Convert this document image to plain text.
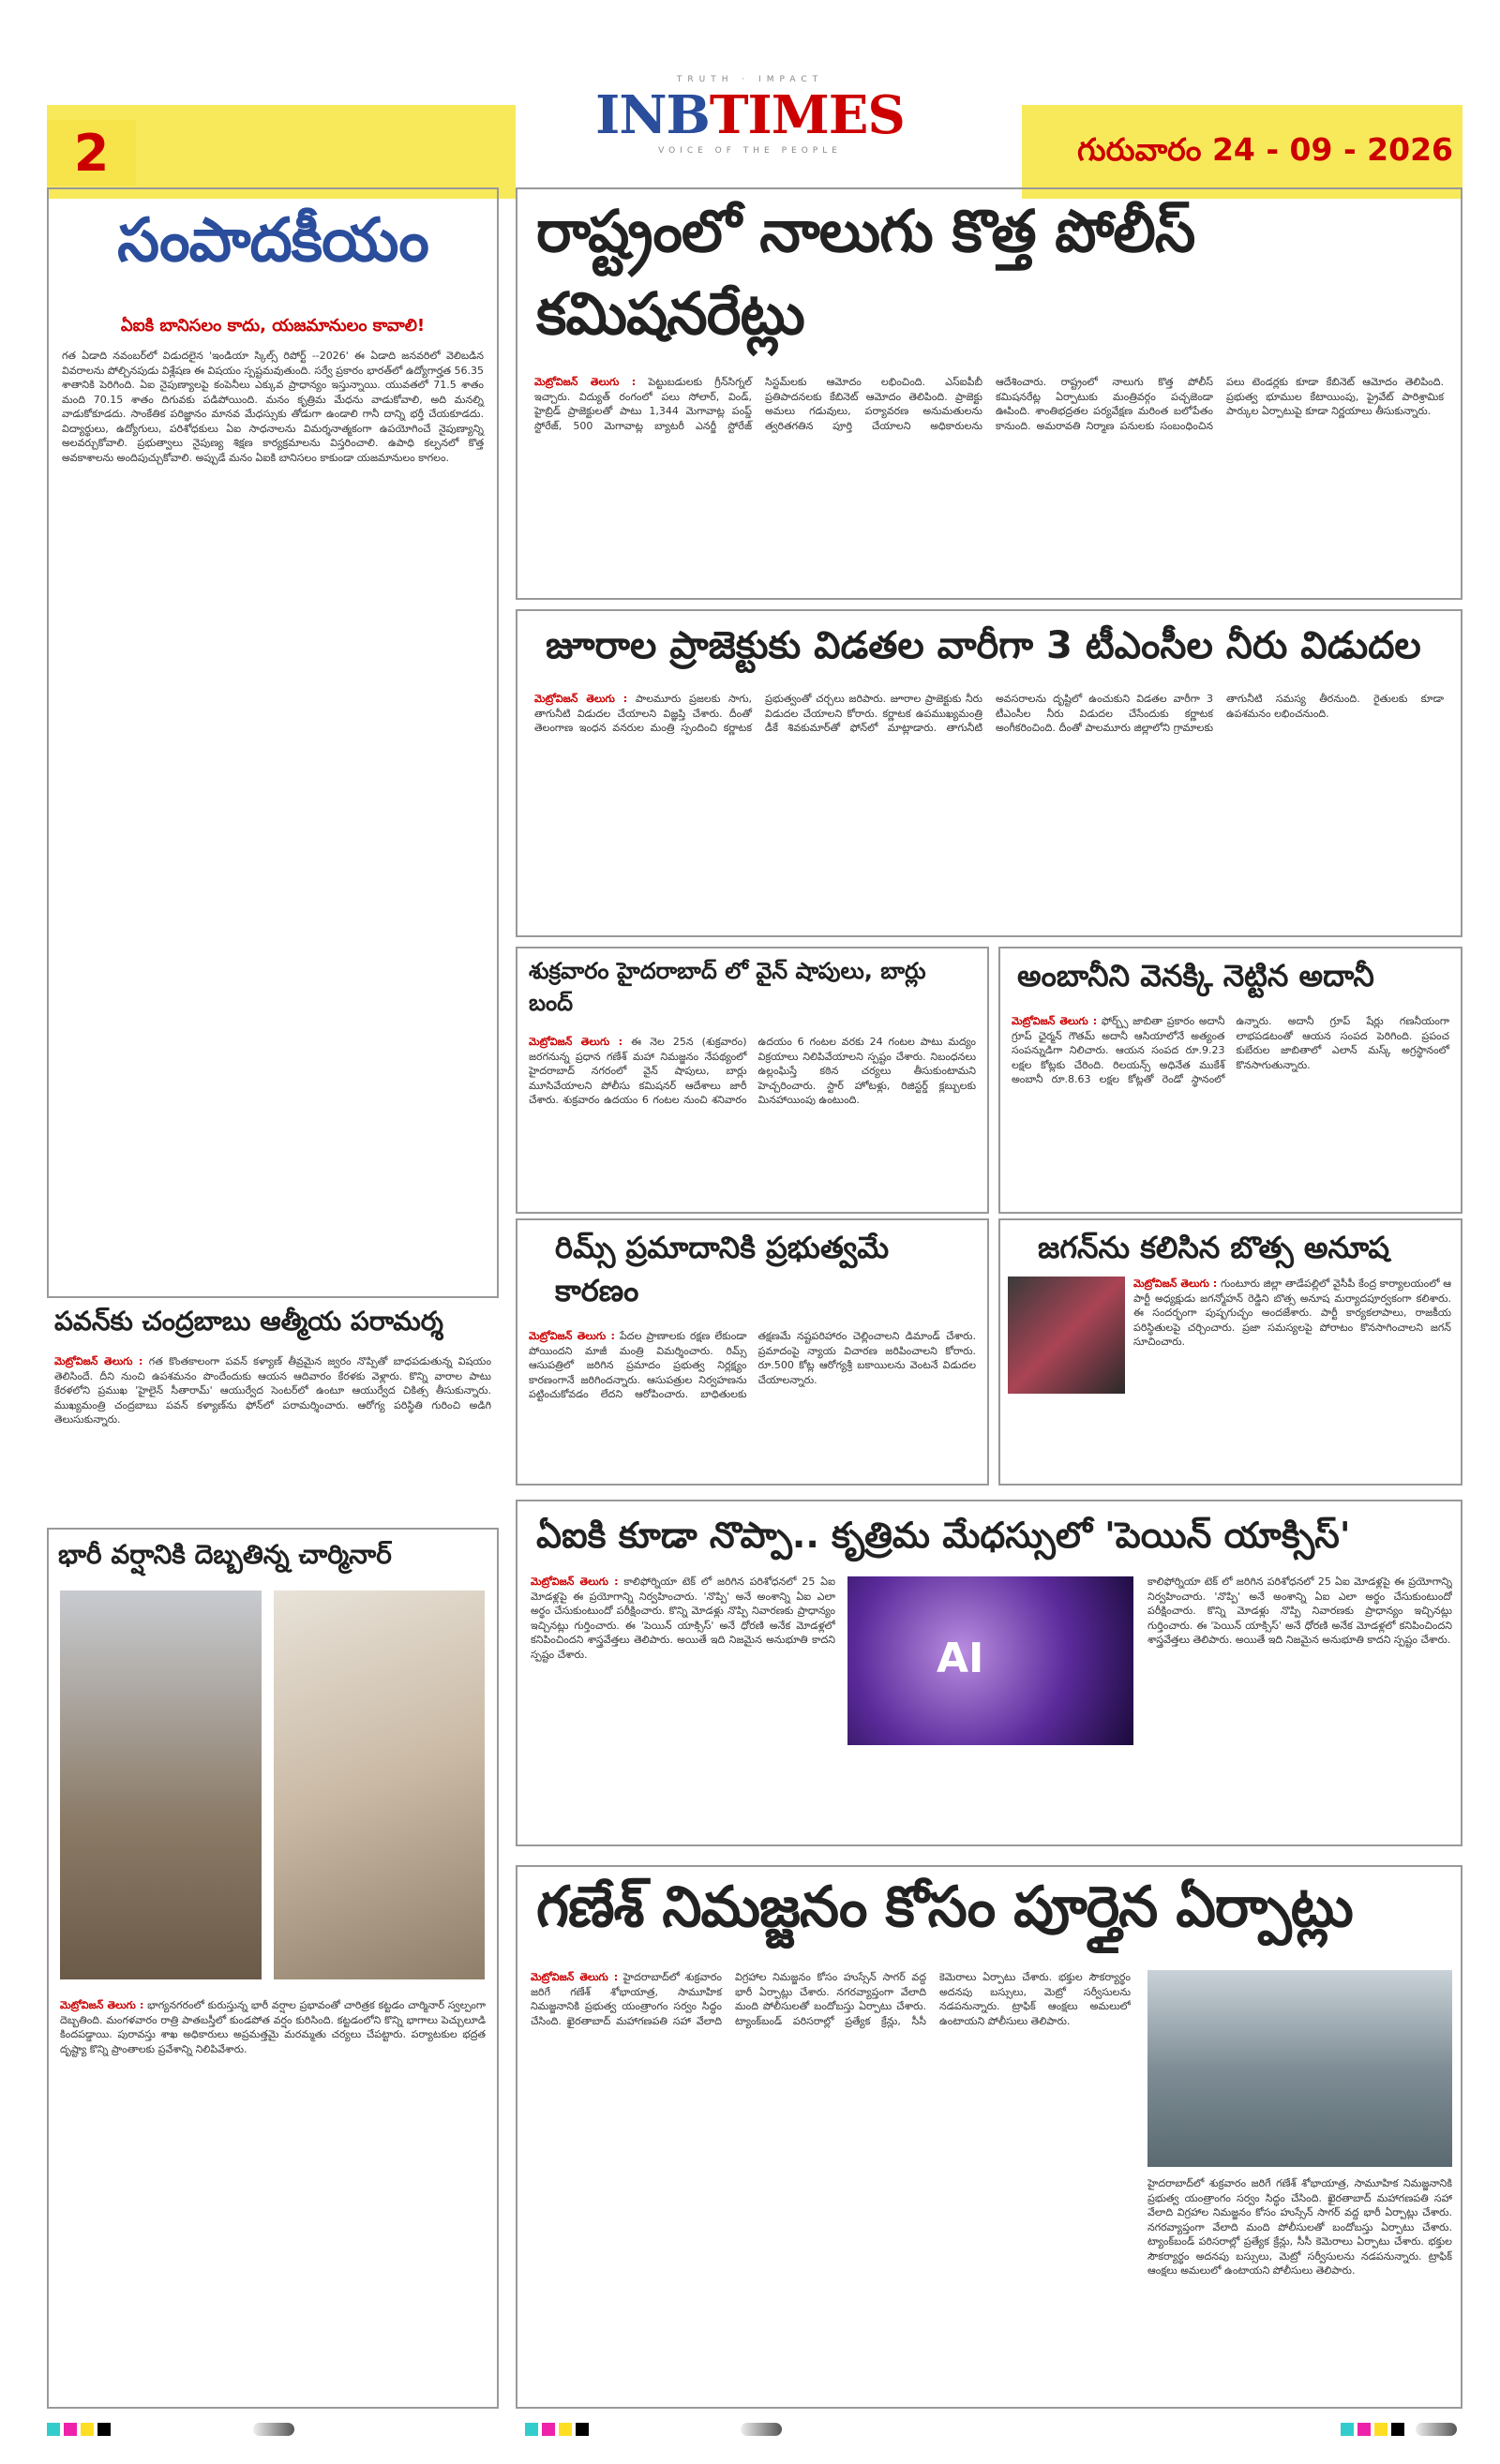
2
TRUTH · IMPACT
INBTIMES
VOICE OF THE PEOPLE	గురువారం 24 - 09 - 2026
సంపాదకీయం
ఏఐకి బానిసలం కాదు, యజమానులం కావాలి!
గత ఏడాది నవంబర్‌లో విడుదలైన 'ఇండియా స్కిల్స్ రిపోర్ట్ --2026' ఈ ఏడాది జనవరిలో వెలిబడిన వివరాలను పోల్చినపుడు విశ్లేషణ ఈ విషయం స్పష్టమవుతుంది. సర్వే ప్రకారం భారత్‌లో ఉద్యోగార్హత 56.35 శాతానికి పెరిగింది. ఏఐ నైపుణ్యాలపై కంపెనీలు ఎక్కువ ప్రాధాన్యం ఇస్తున్నాయి. యువతలో 71.5 శాతం మంది 70.15 శాతం దిగువకు పడిపోయింది. మనం కృత్రిమ మేధను వాడుకోవాలి, అది మనల్ని వాడుకోకూడదు. సాంకేతిక పరిజ్ఞానం మానవ మేధస్సుకు తోడుగా ఉండాలి గానీ దాన్ని భర్తీ చేయకూడదు. విద్యార్థులు, ఉద్యోగులు, పరిశోధకులు ఏఐ సాధనాలను విమర్శనాత్మకంగా ఉపయోగించే నైపుణ్యాన్ని అలవర్చుకోవాలి. ప్రభుత్వాలు నైపుణ్య శిక్షణ కార్యక్రమాలను విస్తరించాలి. ఉపాధి కల్పనలో కొత్త అవకాశాలను అందిపుచ్చుకోవాలి. అప్పుడే మనం ఏఐకి బానిసలం కాకుండా యజమానులం కాగలం.
రాష్ట్రంలో నాలుగు కొత్త పోలీస్ కమిషనరేట్లు
మెట్రోవిజన్ తెలుగు : పెట్టుబడులకు గ్రీన్‌సిగ్నల్ ఇచ్చారు. విద్యుత్ రంగంలో పలు సోలార్, విండ్, హైబ్రిడ్ ప్రాజెక్టులతో పాటు 1,344 మెగావాట్ల పంప్డ్ స్టోరేజ్, 500 మెగావాట్ల బ్యాటరీ ఎనర్జీ స్టోరేజ్ సిస్టమ్‌లకు ఆమోదం లభించింది. ఎస్ఐపీబీ ప్రతిపాదనలకు కేబినెట్ ఆమోదం తెలిపింది. ప్రాజెక్టు అమలు గడువులు, పర్యావరణ అనుమతులను త్వరితగతిన పూర్తి చేయాలని అధికారులను ఆదేశించారు. రాష్ట్రంలో నాలుగు కొత్త పోలీస్ కమిషనరేట్ల ఏర్పాటుకు మంత్రివర్గం పచ్చజెండా ఊపింది. శాంతిభద్రతల పర్యవేక్షణ మరింత బలోపేతం కానుంది. అమరావతి నిర్మాణ పనులకు సంబంధించిన పలు టెండర్లకు కూడా కేబినెట్ ఆమోదం తెలిపింది. ప్రభుత్వ భూముల కేటాయింపు, ప్రైవేట్ పారిశ్రామిక పార్కుల ఏర్పాటుపై కూడా నిర్ణయాలు తీసుకున్నారు.
జూరాల ప్రాజెక్టుకు విడతల వారీగా 3 టీఎంసీల నీరు విడుదల
మెట్రోవిజన్ తెలుగు : పాలమూరు ప్రజలకు సాగు, తాగునీటి విడుదల చేయాలని విజ్ఞప్తి చేశారు. దీంతో తెలంగాణ ఇంధన వనరుల మంత్రి స్పందించి కర్ణాటక ప్రభుత్వంతో చర్చలు జరిపారు. జూరాల ప్రాజెక్టుకు నీరు విడుదల చేయాలని కోరారు. కర్ణాటక ఉపముఖ్యమంత్రి డీకే శివకుమార్‌తో ఫోన్‌లో మాట్లాడారు. తాగునీటి అవసరాలను దృష్టిలో ఉంచుకుని విడతల వారీగా 3 టీఎంసీల నీరు విడుదల చేసేందుకు కర్ణాటక అంగీకరించింది. దీంతో పాలమూరు జిల్లాలోని గ్రామాలకు తాగునీటి సమస్య తీరనుంది. రైతులకు కూడా ఉపశమనం లభించనుంది.
శుక్రవారం హైదరాబాద్ లో వైన్ షాపులు, బార్లు బంద్
మెట్రోవిజన్ తెలుగు : ఈ నెల 25న (శుక్రవారం) జరగనున్న ప్రధాన గణేశ్ మహా నిమజ్జనం నేపథ్యంలో హైదరాబాద్ నగరంలో వైన్ షాపులు, బార్లు మూసివేయాలని పోలీసు కమిషనర్ ఆదేశాలు జారీ చేశారు. శుక్రవారం ఉదయం 6 గంటల నుంచి శనివారం ఉదయం 6 గంటల వరకు 24 గంటల పాటు మద్యం విక్రయాలు నిలిపివేయాలని స్పష్టం చేశారు. నిబంధనలు ఉల్లంఘిస్తే కఠిన చర్యలు తీసుకుంటామని హెచ్చరించారు. స్టార్ హోటళ్లు, రిజిస్టర్డ్ క్లబ్బులకు మినహాయింపు ఉంటుంది.
రిమ్స్ ప్రమాదానికి ప్రభుత్వమే కారణం
మెట్రోవిజన్ తెలుగు : పేదల ప్రాణాలకు రక్షణ లేకుండా పోయిందని మాజీ మంత్రి విమర్శించారు. రిమ్స్ ఆసుపత్రిలో జరిగిన ప్రమాదం ప్రభుత్వ నిర్లక్ష్యం కారణంగానే జరిగిందన్నారు. ఆసుపత్రుల నిర్వహణను పట్టించుకోవడం లేదని ఆరోపించారు. బాధితులకు తక్షణమే నష్టపరిహారం చెల్లించాలని డిమాండ్ చేశారు. ప్రమాదంపై న్యాయ విచారణ జరిపించాలని కోరారు. రూ.500 కోట్ల ఆరోగ్యశ్రీ బకాయిలను వెంటనే విడుదల చేయాలన్నారు.
అంబానీని వెనక్కి నెట్టిన అదానీ
మెట్రోవిజన్ తెలుగు : ఫోర్బ్స్ జాబితా ప్రకారం అదానీ గ్రూప్ ఛైర్మన్ గౌతమ్ అదానీ ఆసియాలోనే అత్యంత సంపన్నుడిగా నిలిచారు. ఆయన సంపద రూ.9.23 లక్షల కోట్లకు చేరింది. రిలయన్స్ అధినేత ముకేశ్ అంబానీ రూ.8.63 లక్షల కోట్లతో రెండో స్థానంలో ఉన్నారు. అదానీ గ్రూప్ షేర్లు గణనీయంగా లాభపడటంతో ఆయన సంపద పెరిగింది. ప్రపంచ కుబేరుల జాబితాలో ఎలాన్ మస్క్ అగ్రస్థానంలో కొనసాగుతున్నారు.
జగన్‌ను కలిసిన బొత్స అనూష
మెట్రోవిజన్ తెలుగు : గుంటూరు జిల్లా తాడేపల్లిలో వైసీపీ కేంద్ర కార్యాలయంలో ఆ పార్టీ అధ్యక్షుడు జగన్మోహన్ రెడ్డిని బొత్స అనూష మర్యాదపూర్వకంగా కలిశారు. ఈ సందర్భంగా పుష్పగుచ్ఛం అందజేశారు. పార్టీ కార్యకలాపాలు, రాజకీయ పరిస్థితులపై చర్చించారు. ప్రజా సమస్యలపై పోరాటం కొనసాగించాలని జగన్ సూచించారు.
పవన్‌కు చంద్రబాబు ఆత్మీయ పరామర్శ
మెట్రోవిజన్ తెలుగు : గత కొంతకాలంగా పవన్ కళ్యాణ్ తీవ్రమైన జ్వరం నొప్పితో బాధపడుతున్న విషయం తెలిసిందే. దీని నుంచి ఉపశమనం పొందేందుకు ఆయన ఆదివారం కేరళకు వెళ్లారు. కొన్ని వారాల పాటు కేరళలోని ప్రముఖ 'హైలైన్ సీతారామ్' ఆయుర్వేద సెంటర్‌లో ఉంటూ ఆయుర్వేద చికిత్స తీసుకున్నారు. ముఖ్యమంత్రి చంద్రబాబు పవన్ కళ్యాణ్‌ను ఫోన్‌లో పరామర్శించారు. ఆరోగ్య పరిస్థితి గురించి అడిగి తెలుసుకున్నారు.
భారీ వర్షానికి దెబ్బతిన్న చార్మినార్
మెట్రోవిజన్ తెలుగు : భాగ్యనగరంలో కురుస్తున్న భారీ వర్షాల ప్రభావంతో చారిత్రక కట్టడం చార్మినార్ స్వల్పంగా దెబ్బతింది. మంగళవారం రాత్రి పాతబస్తీలో కుండపోత వర్షం కురిసింది. కట్టడంలోని కొన్ని భాగాలు పెచ్చులూడి కిందపడ్డాయి. పురావస్తు శాఖ అధికారులు అప్రమత్తమై మరమ్మతు చర్యలు చేపట్టారు. పర్యాటకుల భద్రత దృష్ట్యా కొన్ని ప్రాంతాలకు ప్రవేశాన్ని నిలిపివేశారు.
ఏఐకి కూడా నొప్పా.. కృత్రిమ మేధస్సులో 'పెయిన్ యాక్సిస్'
మెట్రోవిజన్ తెలుగు : కాలిఫోర్నియా టెక్ లో జరిగిన పరిశోధనలో 25 ఏఐ మోడళ్లపై ఈ ప్రయోగాన్ని నిర్వహించారు. 'నొప్పి' అనే అంశాన్ని ఏఐ ఎలా అర్థం చేసుకుంటుందో పరీక్షించారు. కొన్ని మోడళ్లు నొప్పి నివారణకు ప్రాధాన్యం ఇచ్చినట్లు గుర్తించారు. ఈ 'పెయిన్ యాక్సిస్' అనే ధోరణి అనేక మోడళ్లలో కనిపించిందని శాస్త్రవేత్తలు తెలిపారు. అయితే ఇది నిజమైన అనుభూతి కాదని స్పష్టం చేశారు.	AI
కాలిఫోర్నియా టెక్ లో జరిగిన పరిశోధనలో 25 ఏఐ మోడళ్లపై ఈ ప్రయోగాన్ని నిర్వహించారు. 'నొప్పి' అనే అంశాన్ని ఏఐ ఎలా అర్థం చేసుకుంటుందో పరీక్షించారు. కొన్ని మోడళ్లు నొప్పి నివారణకు ప్రాధాన్యం ఇచ్చినట్లు గుర్తించారు. ఈ 'పెయిన్ యాక్సిస్' అనే ధోరణి అనేక మోడళ్లలో కనిపించిందని శాస్త్రవేత్తలు తెలిపారు. అయితే ఇది నిజమైన అనుభూతి కాదని స్పష్టం చేశారు.
గణేశ్ నిమజ్జనం కోసం పూర్తైన ఏర్పాట్లు
మెట్రోవిజన్ తెలుగు : హైదరాబాద్‌లో శుక్రవారం జరిగే గణేశ్ శోభాయాత్ర, సామూహిక నిమజ్జనానికి ప్రభుత్వ యంత్రాంగం సర్వం సిద్ధం చేసింది. ఖైరతాబాద్ మహాగణపతి సహా వేలాది విగ్రహాల నిమజ్జనం కోసం హుస్సేన్ సాగర్ వద్ద భారీ ఏర్పాట్లు చేశారు. నగరవ్యాప్తంగా వేలాది మంది పోలీసులతో బందోబస్తు ఏర్పాటు చేశారు. ట్యాంక్‌బండ్ పరిసరాల్లో ప్రత్యేక క్రేన్లు, సీసీ కెమెరాలు ఏర్పాటు చేశారు. భక్తుల సౌకర్యార్థం అదనపు బస్సులు, మెట్రో సర్వీసులను నడపనున్నారు. ట్రాఫిక్ ఆంక్షలు అమలులో ఉంటాయని పోలీసులు తెలిపారు.
హైదరాబాద్‌లో శుక్రవారం జరిగే గణేశ్ శోభాయాత్ర, సామూహిక నిమజ్జనానికి ప్రభుత్వ యంత్రాంగం సర్వం సిద్ధం చేసింది. ఖైరతాబాద్ మహాగణపతి సహా వేలాది విగ్రహాల నిమజ్జనం కోసం హుస్సేన్ సాగర్ వద్ద భారీ ఏర్పాట్లు చేశారు. నగరవ్యాప్తంగా వేలాది మంది పోలీసులతో బందోబస్తు ఏర్పాటు చేశారు. ట్యాంక్‌బండ్ పరిసరాల్లో ప్రత్యేక క్రేన్లు, సీసీ కెమెరాలు ఏర్పాటు చేశారు. భక్తుల సౌకర్యార్థం అదనపు బస్సులు, మెట్రో సర్వీసులను నడపనున్నారు. ట్రాఫిక్ ఆంక్షలు అమలులో ఉంటాయని పోలీసులు తెలిపారు.
